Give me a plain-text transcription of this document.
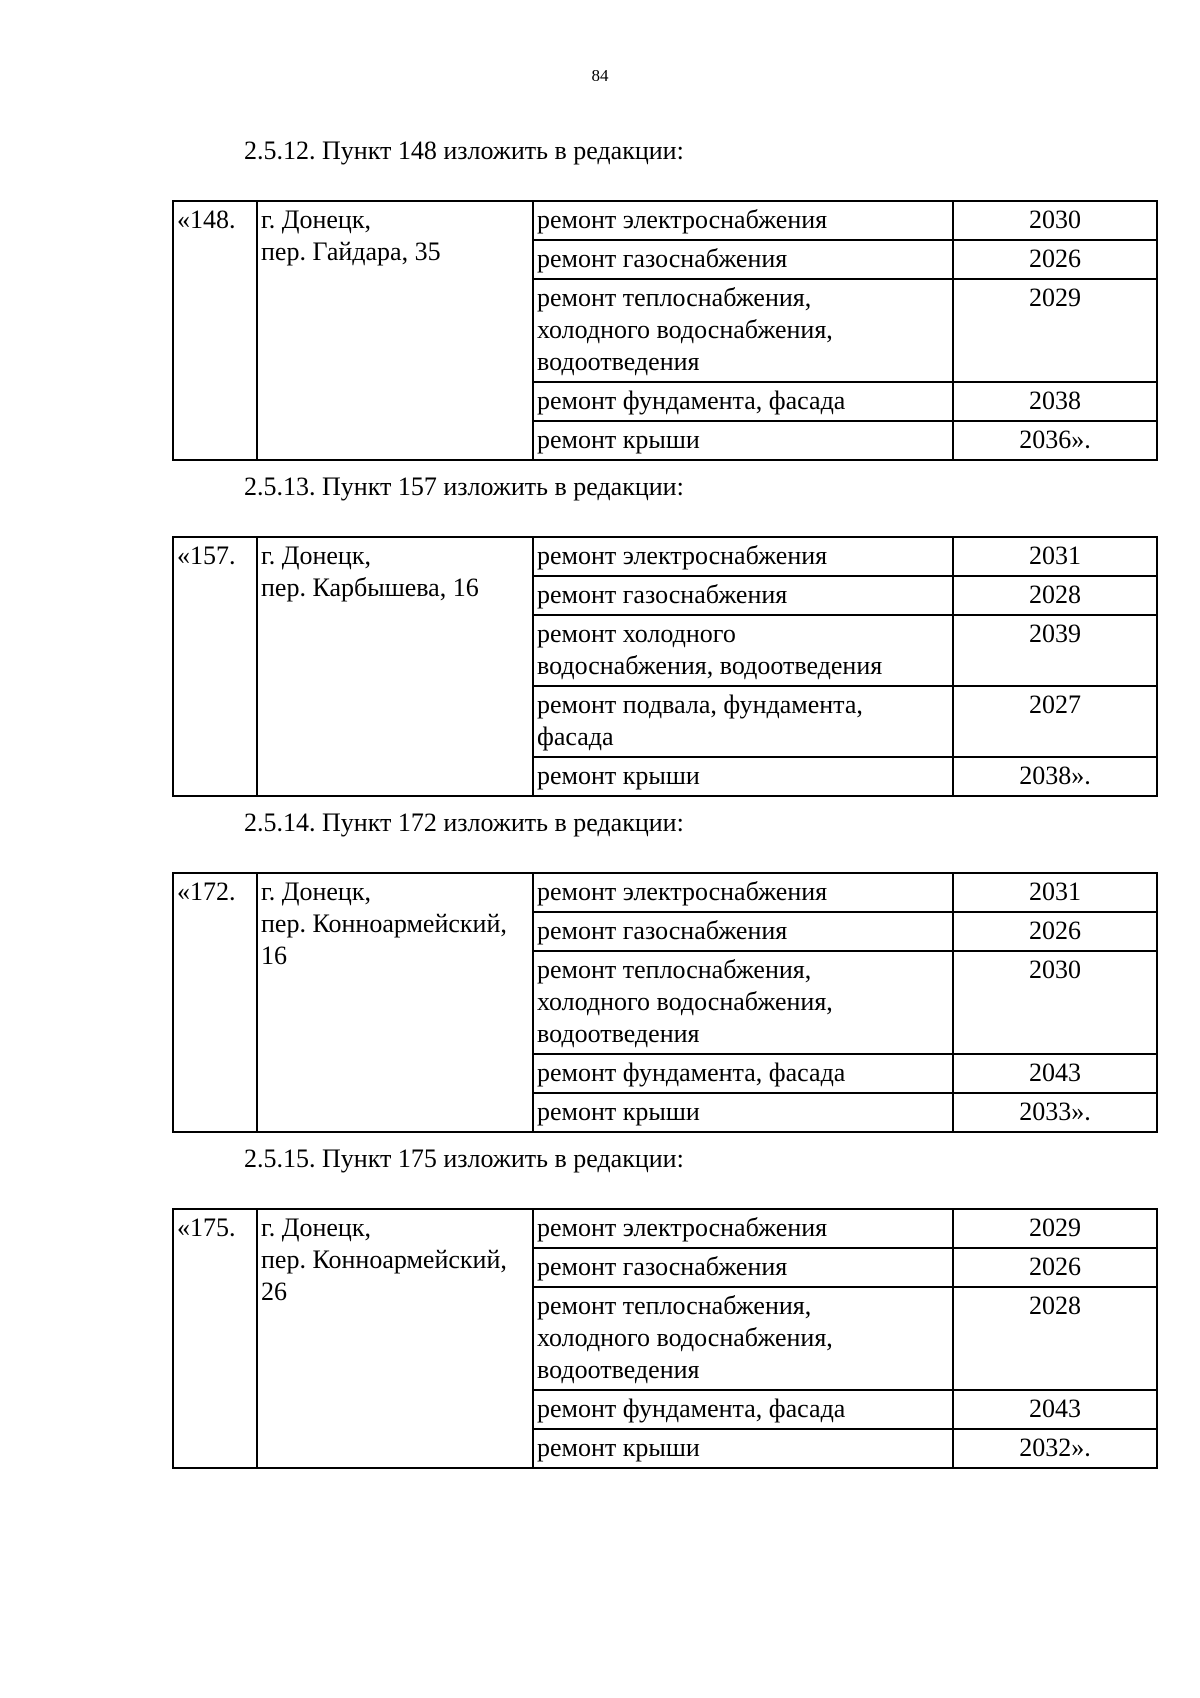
84
2.5.12. Пункт 148 изложить в редакции:
«148.	г. Донецк,
пер. Гайдара, 35	ремонт электроснабжения	2030

		ремонт газоснабжения	2026

		ремонт теплоснабжения,
холодного водоснабжения,
водоотведения	2029

		ремонт фундамента, фасада	2038

		ремонт крыши	2036».
2.5.13. Пункт 157 изложить в редакции:
«157.	г. Донецк,
пер. Карбышева, 16	ремонт электроснабжения	2031

		ремонт газоснабжения	2028

		ремонт холодного
водоснабжения, водоотведения	2039

		ремонт подвала, фундамента,
фасада	2027

		ремонт крыши	2038».
2.5.14. Пункт 172 изложить в редакции:
«172.	г. Донецк,
пер. Конноармейский,
16	ремонт электроснабжения	2031

		ремонт газоснабжения	2026

		ремонт теплоснабжения,
холодного водоснабжения,
водоотведения	2030

		ремонт фундамента, фасада	2043

		ремонт крыши	2033».
2.5.15. Пункт 175 изложить в редакции:
«175.	г. Донецк,
пер. Конноармейский,
26	ремонт электроснабжения	2029

		ремонт газоснабжения	2026

		ремонт теплоснабжения,
холодного водоснабжения,
водоотведения	2028

		ремонт фундамента, фасада	2043

		ремонт крыши	2032».
